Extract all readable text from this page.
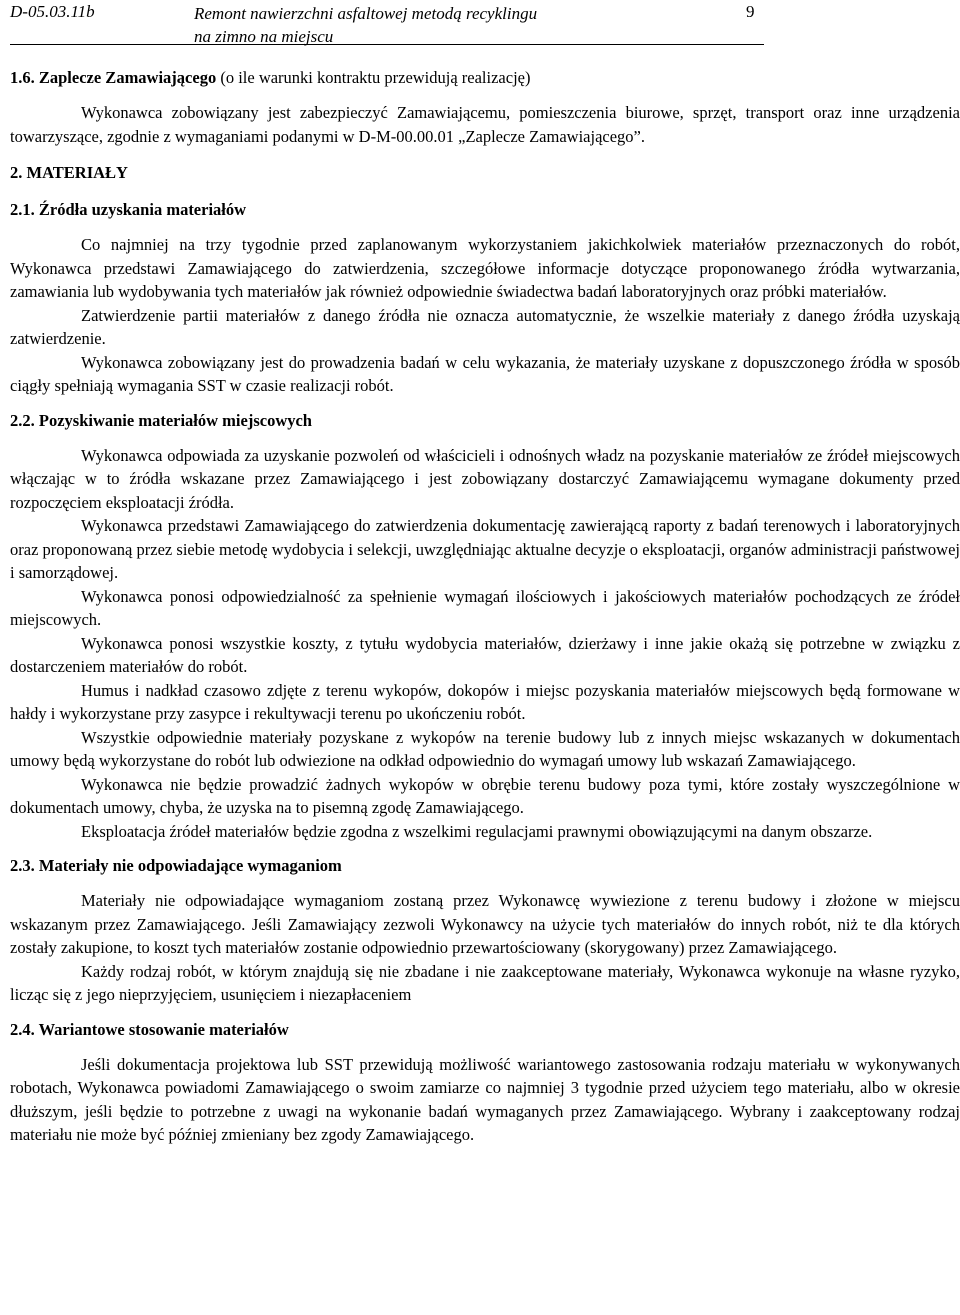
D-05.03.11b	Remont nawierzchni asfaltowej metodą recyklingu
na zimno na miejscu
9
1.6. Zaplecze Zamawiającego (o ile warunki kontraktu przewidują realizację)

Wykonawca zobowiązany jest zabezpieczyć Zamawiającemu, pomieszczenia biurowe, sprzęt, transport oraz inne urządzenia towarzyszące, zgodnie z wymaganiami podanymi w D-M-00.00.01 „Zaplecze Zamawiającego”.

2. MATERIAŁY
2.1. Źródła uzyskania materiałów

Co najmniej na trzy tygodnie przed zaplanowanym wykorzystaniem jakichkolwiek materiałów przeznaczonych do robót, Wykonawca przedstawi Zamawiającego do zatwierdzenia, szczegółowe informacje dotyczące proponowanego źródła wytwarzania, zamawiania lub wydobywania tych materiałów jak również odpowiednie świadectwa badań laboratoryjnych oraz próbki materiałów.

Zatwierdzenie partii materiałów z danego źródła nie oznacza automatycznie, że wszelkie materiały z danego źródła uzyskają zatwierdzenie.

Wykonawca zobowiązany jest do prowadzenia badań w celu wykazania, że materiały uzyskane z dopuszczonego źródła w sposób ciągły spełniają wymagania SST w czasie realizacji robót.

2.2. Pozyskiwanie materiałów miejscowych

Wykonawca odpowiada za uzyskanie pozwoleń od właścicieli i odnośnych władz na pozyskanie materiałów ze źródeł miejscowych włączając w to źródła wskazane przez Zamawiającego i jest zobowiązany dostarczyć Zamawiającemu wymagane dokumenty przed rozpoczęciem eksploatacji źródła.

Wykonawca przedstawi Zamawiającego do zatwierdzenia dokumentację zawierającą raporty z badań terenowych i laboratoryjnych oraz proponowaną przez siebie metodę wydobycia i selekcji, uwzględniając aktualne decyzje o eksploatacji, organów administracji państwowej i samorządowej.

Wykonawca ponosi odpowiedzialność za spełnienie wymagań ilościowych i jakościowych materiałów pochodzących ze źródeł miejscowych.

Wykonawca ponosi wszystkie koszty, z tytułu wydobycia materiałów, dzierżawy i inne jakie okażą się potrzebne w związku z dostarczeniem materiałów do robót.

Humus i nadkład czasowo zdjęte z terenu wykopów, dokopów i miejsc pozyskania materiałów miejscowych będą formowane w hałdy i wykorzystane przy zasypce i rekultywacji terenu po ukończeniu robót.

Wszystkie odpowiednie materiały pozyskane z wykopów na terenie budowy lub z innych miejsc wskazanych w dokumentach umowy będą wykorzystane do robót lub odwiezione na odkład odpowiednio do wymagań umowy lub wskazań Zamawiającego.

Wykonawca nie będzie prowadzić żadnych wykopów w obrębie terenu budowy poza tymi, które zostały wyszczególnione w dokumentach umowy, chyba, że uzyska na to pisemną zgodę Zamawiającego.

Eksploatacja źródeł materiałów będzie zgodna z wszelkimi regulacjami prawnymi obowiązującymi na danym obszarze.

2.3. Materiały nie odpowiadające wymaganiom

Materiały nie odpowiadające wymaganiom zostaną przez Wykonawcę wywiezione z terenu budowy i złożone w miejscu wskazanym przez Zamawiającego. Jeśli Zamawiający zezwoli Wykonawcy na użycie tych materiałów do innych robót, niż te dla których zostały zakupione, to koszt tych materiałów zostanie odpowiednio przewartościowany (skorygowany) przez Zamawiającego.

Każdy rodzaj robót, w którym znajdują się nie zbadane i nie zaakceptowane materiały, Wykonawca wykonuje na własne ryzyko, licząc się z jego nieprzyjęciem, usunięciem i niezapłaceniem

2.4. Wariantowe stosowanie materiałów

Jeśli dokumentacja projektowa lub SST przewidują możliwość wariantowego zastosowania rodzaju materiału w wykonywanych robotach, Wykonawca powiadomi Zamawiającego o swoim zamiarze co najmniej 3 tygodnie przed użyciem tego materiału, albo w okresie dłuższym, jeśli będzie to potrzebne z uwagi na wykonanie badań wymaganych przez Zamawiającego. Wybrany i zaakceptowany rodzaj materiału nie może być później zmieniany bez zgody Zamawiającego.
